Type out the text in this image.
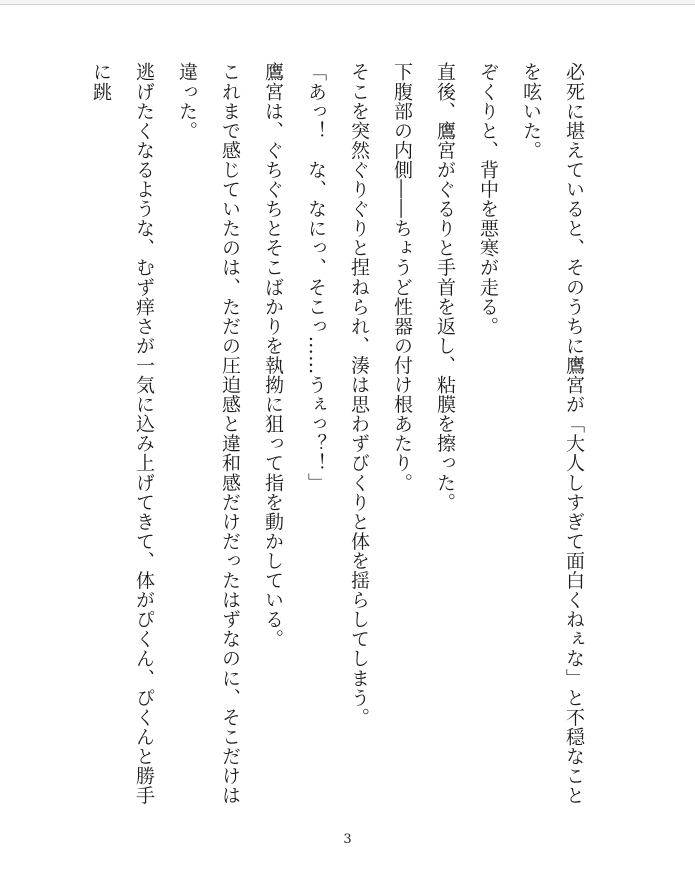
必死に堪えていると、そのうちに鷹宮が「大人しすぎて面白くねぇな」と不穏なことを呟いた。

ぞくりと、背中を悪寒が走る。

直後、鷹宮がぐるりと手首を返し、粘膜を擦った。

下腹部の内側――ちょうど性器の付け根あたり。

そこを突然ぐりぐりと捏ねられ、湊は思わずびくりと体を揺らしてしまう。

「あっ！　な、なにっ、そこっ……うぇっ？！」

鷹宮は、ぐちぐちとそこばかりを執拗に狙って指を動かしている。

これまで感じていたのは、ただの圧迫感と違和感だけだったはずなのに、そこだけは違った。

逃げたくなるような、むず痒さが一気に込み上げてきて、体がぴくん、ぴくんと勝手に跳

3
